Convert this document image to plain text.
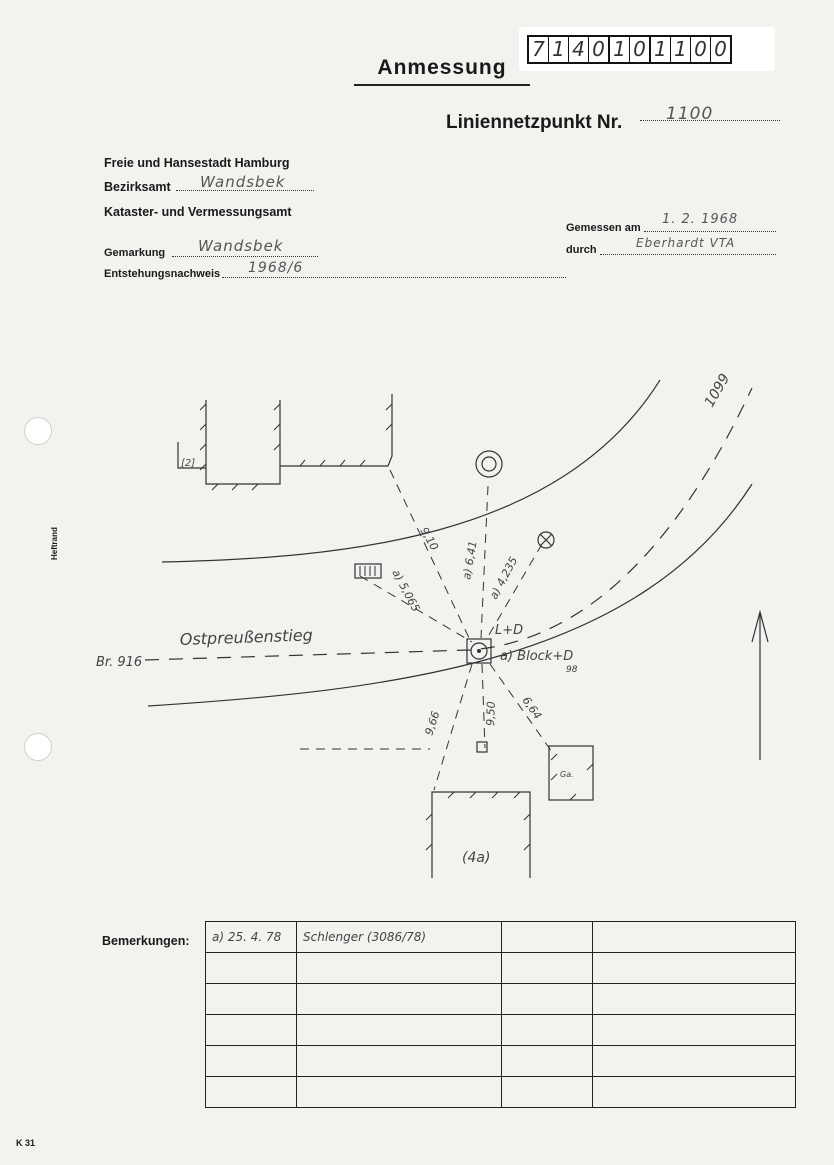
Anmessung
7 1 4 0 1 0 1 1 0 0
Liniennetzpunkt Nr.	1100
Freie und Hansestadt Hamburg
Bezirksamt Wandsbek
Kataster- und Vermessungsamt
Gemarkung Wandsbek
Entstehungsnachweis 1968/6
Gemessen am
1. 2. 1968
durch	Eberhardt VTA
Heftrand
K 31
Ostpreußenstieg
Br. 916
1099
L+D
a) Block+D
[2]
(4a)
Ga.
98
9,10
a) 5,065
a) 6,41 a) 4,235
9,66	9,50 6,64
Bemerkungen: a) 25. 4. 78	Schlenger (3086/78)		
